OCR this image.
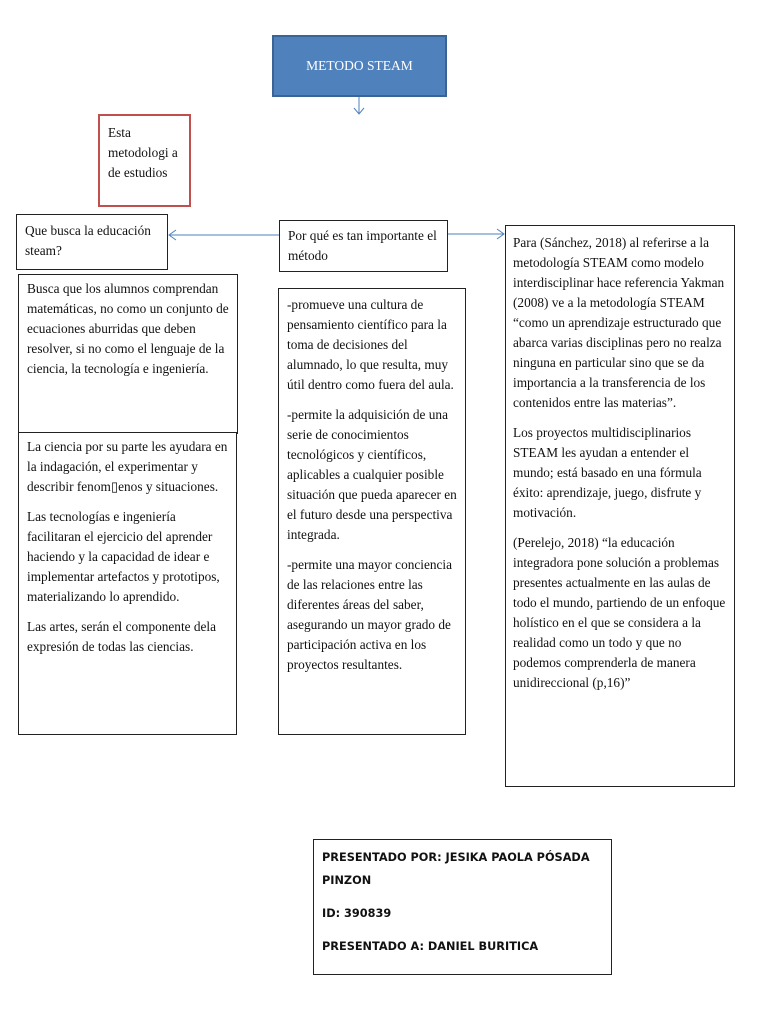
METODO STEAM
Esta metodologi a de estudios
Que busca la educación steam?
Por qué es tan importante el método

Busca que los alumnos comprendan matemáticas, no como un conjunto de ecuaciones aburridas que deben resolver, si no como el lenguaje de la ciencia, la tecnología e ingeniería.

La ciencia por su parte les ayudara en la indagación, el experimentar y describir fenom▯enos y situaciones.

Las tecnologías e ingeniería facilitaran el ejercicio del aprender haciendo y la capacidad de idear e implementar artefactos y prototipos, materializando lo aprendido.

Las artes, serán el componente dela expresión de todas las ciencias.

-promueve una cultura de pensamiento científico para la toma de decisiones del alumnado, lo que resulta, muy útil dentro como fuera del aula.

-permite la adquisición de una serie de conocimientos tecnológicos y científicos, aplicables a cualquier posible situación que pueda aparecer en el futuro desde una perspectiva integrada.

-permite una mayor conciencia de las relaciones entre las diferentes áreas del saber, asegurando un mayor grado de participación activa en los proyectos resultantes.

Para (Sánchez, 2018) al referirse a la metodología STEAM como modelo interdisciplinar hace referencia Yakman (2008) ve a la metodología STEAM “como un aprendizaje estructurado que abarca varias disciplinas pero no realza ninguna en particular sino que se da importancia a la transferencia de los contenidos entre las materias”.

Los proyectos multidisciplinarios STEAM les ayudan a entender el mundo; está basado en una fórmula éxito: aprendizaje, juego, disfrute y motivación.

(Perelejo, 2018) “la educación integradora pone solución a problemas presentes actualmente en las aulas de todo el mundo, partiendo de un enfoque holístico en el que se considera a la realidad como un todo y que no podemos comprenderla de manera unidireccional (p,16)”

PRESENTADO POR: JESIKA PAOLA PÓSADA PINZON

ID: 390839

PRESENTADO A: DANIEL BURITICA
